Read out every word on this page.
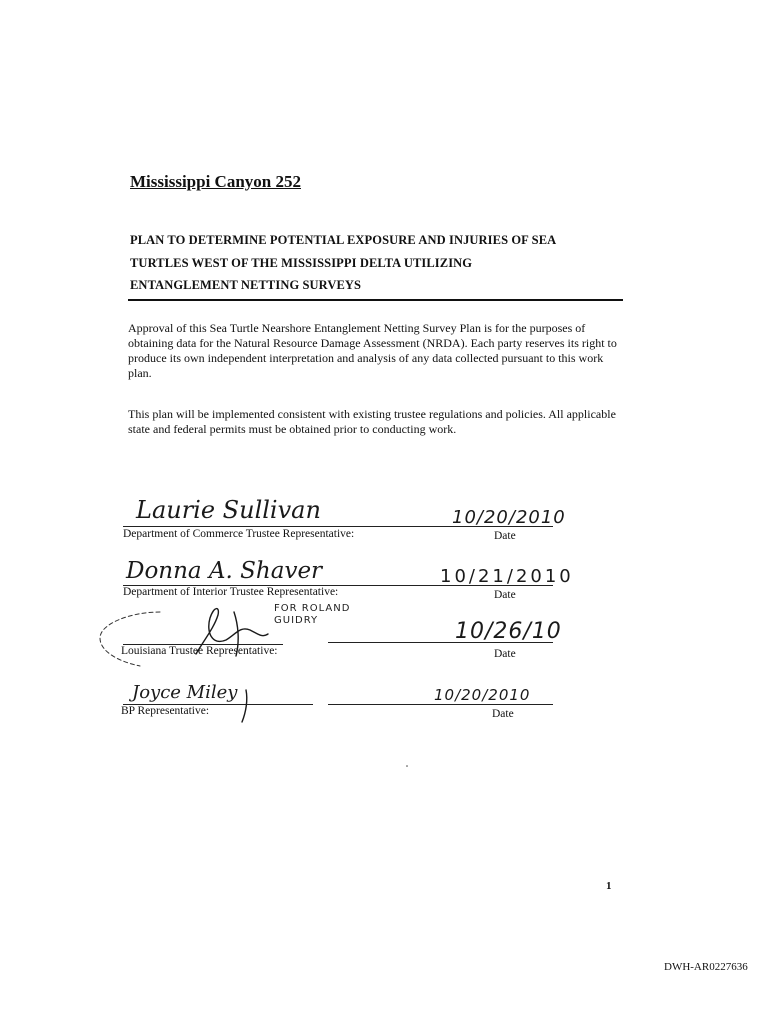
Mississippi Canyon 252
PLAN TO DETERMINE POTENTIAL EXPOSURE AND INJURIES OF SEA
TURTLES WEST OF THE MISSISSIPPI DELTA UTILIZING
ENTANGLEMENT NETTING SURVEYS
Approval of this Sea Turtle Nearshore Entanglement Netting Survey Plan is for the purposes of obtaining data for the Natural Resource Damage Assessment (NRDA). Each party reserves its right to produce its own independent interpretation and analysis of any data collected pursuant to this work plan.
This plan will be implemented consistent with existing trustee regulations and policies. All applicable state and federal permits must be obtained prior to conducting work.
Laurie Sullivan
Department of Commerce Trustee Representative:
10/20/2010
Date
Donna A. Shaver
Department of Interior Trustee Representative:
10/21/2010
Date
FOR ROLAND GUIDRY
Louisiana Trustee Representative:
10/26/10
Date
Joyce Miley
BP Representative:
10/20/2010
Date
1
DWH-AR0227636
